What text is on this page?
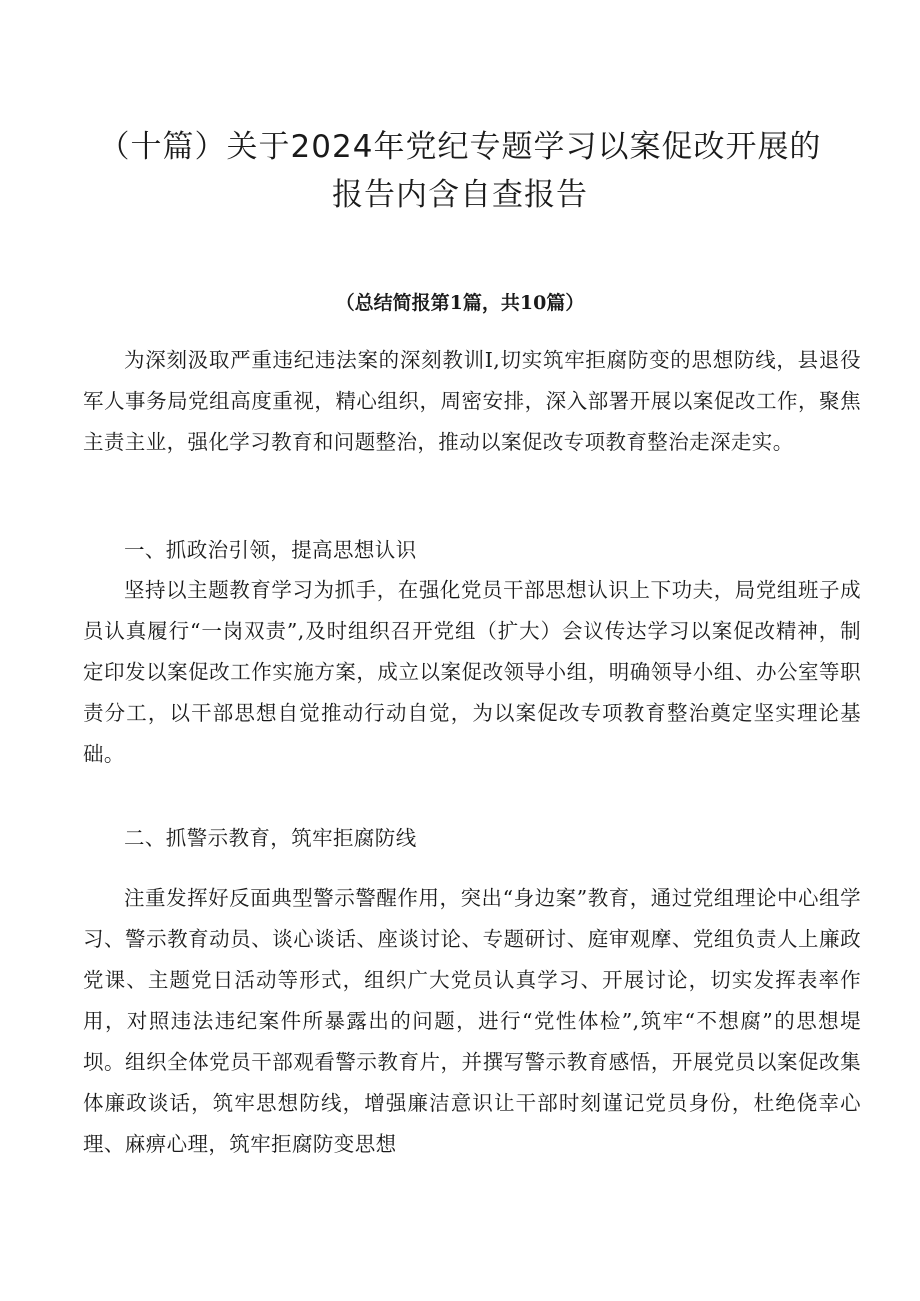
（十篇）关于2024年党纪专题学习以案促改开展的
报告内含自查报告
（总结简报第1篇，共10篇）

为深刻汲取严重违纪违法案的深刻教训I,切实筑牢拒腐防变的思想防线，县退役军人事务局党组高度重视，精心组织，周密安排，深入部署开展以案促改工作，聚焦主责主业，强化学习教育和问题整治，推动以案促改专项教育整治走深走实。

一、抓政治引领，提高思想认识

坚持以主题教育学习为抓手，在强化党员干部思想认识上下功夫，局党组班子成员认真履行“一岗双责”,及时组织召开党组（扩大）会议传达学习以案促改精神，制定印发以案促改工作实施方案，成立以案促改领导小组，明确领导小组、办公室等职责分工，以干部思想自觉推动行动自觉，为以案促改专项教育整治奠定坚实理论基础。

二、抓警示教育，筑牢拒腐防线

注重发挥好反面典型警示警醒作用，突出“身边案”教育，通过党组理论中心组学习、警示教育动员、谈心谈话、座谈讨论、专题研讨、庭审观摩、党组负责人上廉政党课、主题党日活动等形式，组织广大党员认真学习、开展讨论，切实发挥表率作用，对照违法违纪案件所暴露出的问题，进行“党性体检”,筑牢“不想腐”的思想堤坝。组织全体党员干部观看警示教育片，并撰写警示教育感悟，开展党员以案促改集体廉政谈话，筑牢思想防线，增强廉洁意识让干部时刻谨记党员身份，杜绝侥幸心理、麻痹心理，筑牢拒腐防变思想
